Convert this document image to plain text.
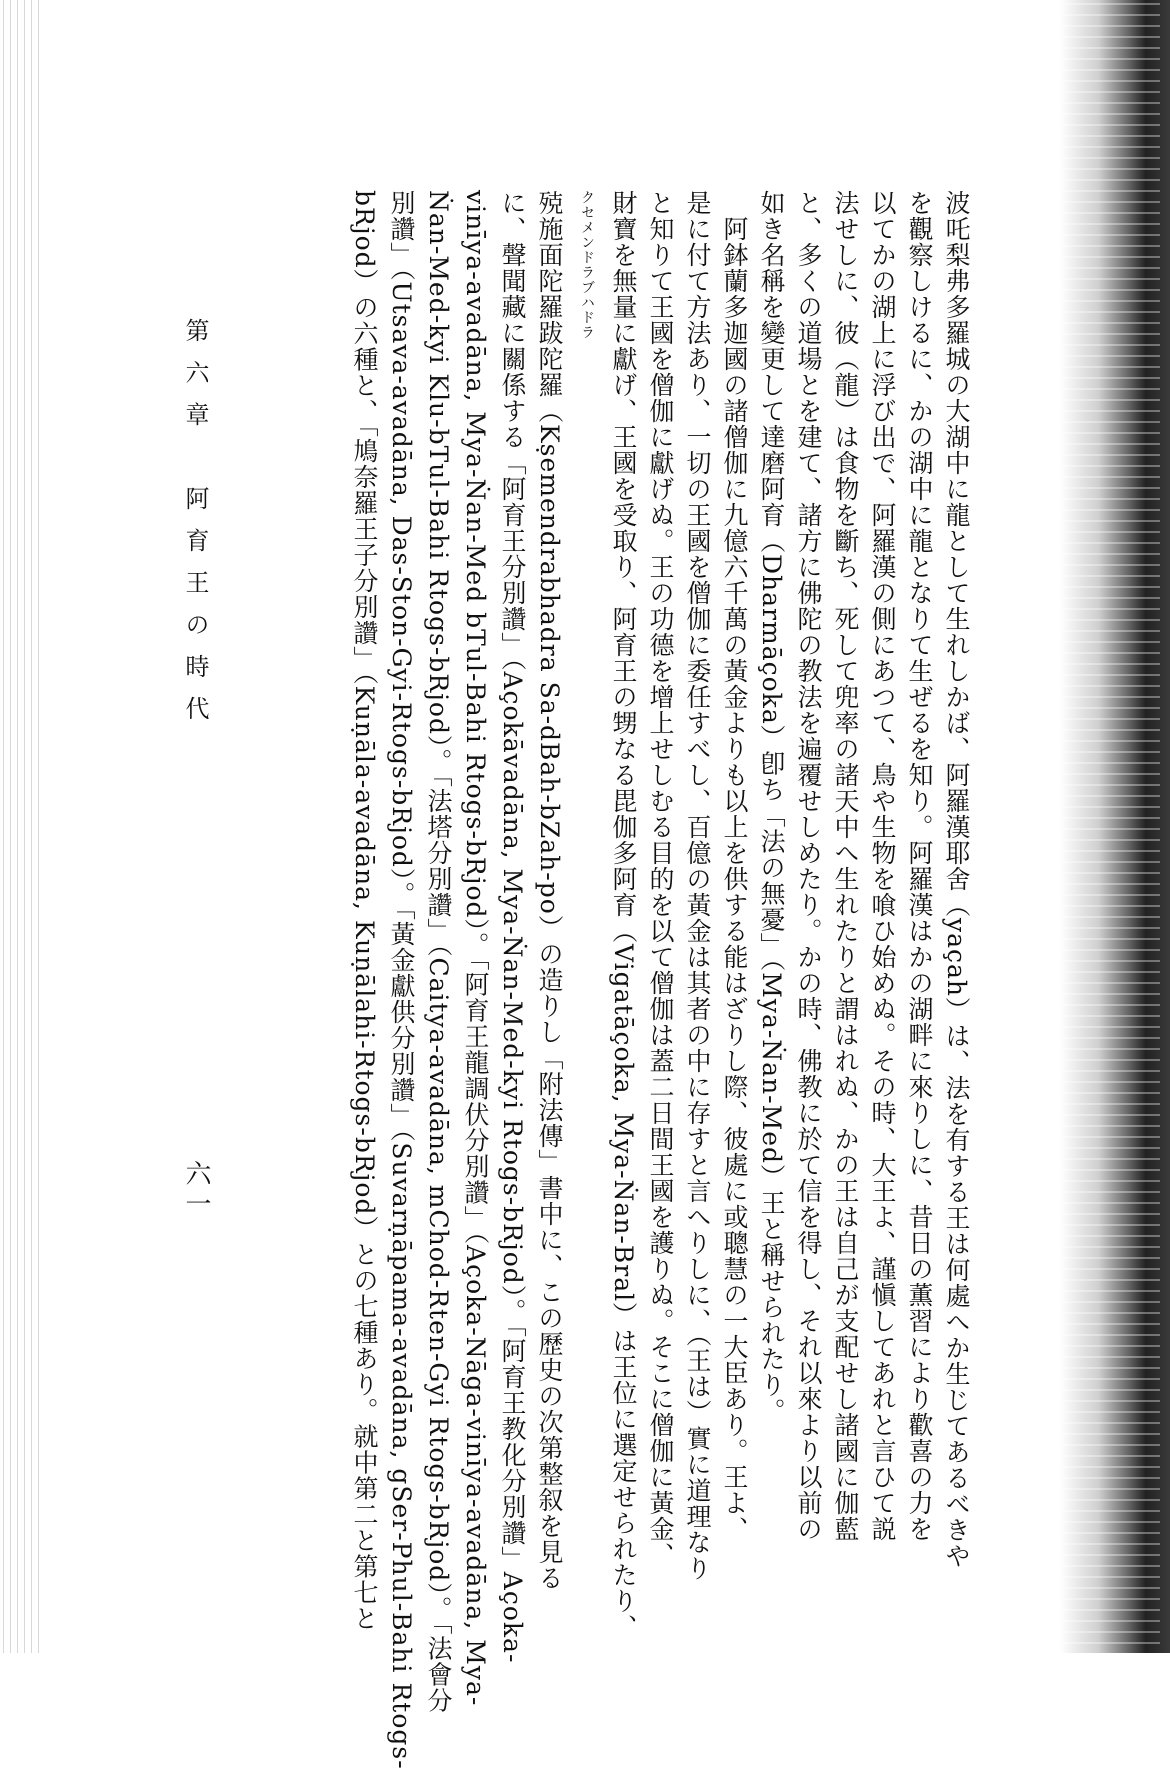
波吒梨弗多羅城の大湖中に龍として生れしかば、阿羅漢耶舍（yaçah）は、法を有する王は何處へか生じてあるべきや
を觀察しけるに、かの湖中に龍となりて生ぜるを知り。阿羅漢はかの湖畔に來りしに、昔日の薫習により歡喜の力を
以てかの湖上に浮び出で、阿羅漢の側にあつて、鳥や生物を喰ひ始めぬ。その時、大王よ、謹愼してあれと言ひて説
法せしに、彼（龍）は食物を斷ち、死して兜率の諸天中へ生れたりと謂はれぬ、かの王は自己が支配せし諸國に伽藍
と、多くの道場とを建て、諸方に佛陀の教法を遍覆せしめたり。かの時、佛教に於て信を得し、それ以來より以前の
如き名稱を變更して達磨阿育（Dharmāçoka）卽ち「法の無憂」（Mya-Ṅan-Med）王と稱せられたり。
　阿鉢蘭多迦國の諸僧伽に九億六千萬の黃金よりも以上を供する能はざりし際、彼處に或聰慧の一大臣あり。王よ、
是に付て方法あり、一切の王國を僧伽に委任すべし、百億の黃金は其者の中に存すと言へりしに、（王は）實に道理なり
と知りて王國を僧伽に獻げぬ。王の功德を增上せしむる目的を以て僧伽は蓋二日間王國を護りぬ。そこに僧伽に黃金、
財寶を無量に獻げ、王國を受取り、阿育王の甥なる毘伽多阿育（Vigatāçoka, Mya-Ṅan-Bral）は王位に選定せられたり、
クセメンドラブハドラ
殑施面陀羅跋陀羅（Kṣemendrabhadra Sa-dBah-bZah-po）の造りし「附法傳」書中に、この歷史の次第整叙を見る
に、聲聞藏に關係する「阿育王分別讚」（Açokāvadāna, Mya-Ṅan-Med-kyi Rtogs-bRjod）。「阿育王教化分別讚」Açoka-
vinīya-avadāna, Mya-Ṅan-Med bTul-Bahi Rtogs-bRjod）。「阿育王龍調伏分別讚」（Açoka-Nāga-vinīya-avadāna, Mya-
Ṅan-Med-kyi Klu-bTul-Bahi Rtogs-bRjod）。「法塔分別讚」（Caitya-avadāna, mChod-Rten-Gyi Rtogs-bRjod）。「法會分
別讚」（Utsava-avadāna, Das-Ston-Gyi-Rtogs-bRjod）。「黃金獻供分別讚」（Suvarṇāpama-avadāna, gSer-Phul-Bahi Rtogs-
bRjod）の六種と、「鳩奈羅王子分別讚」（Kuṇāla-avadāna, Kuṇālahi-Rtogs-bRjod）との七種あり。就中第二と第七と
第六章　阿育王の時代
六一
